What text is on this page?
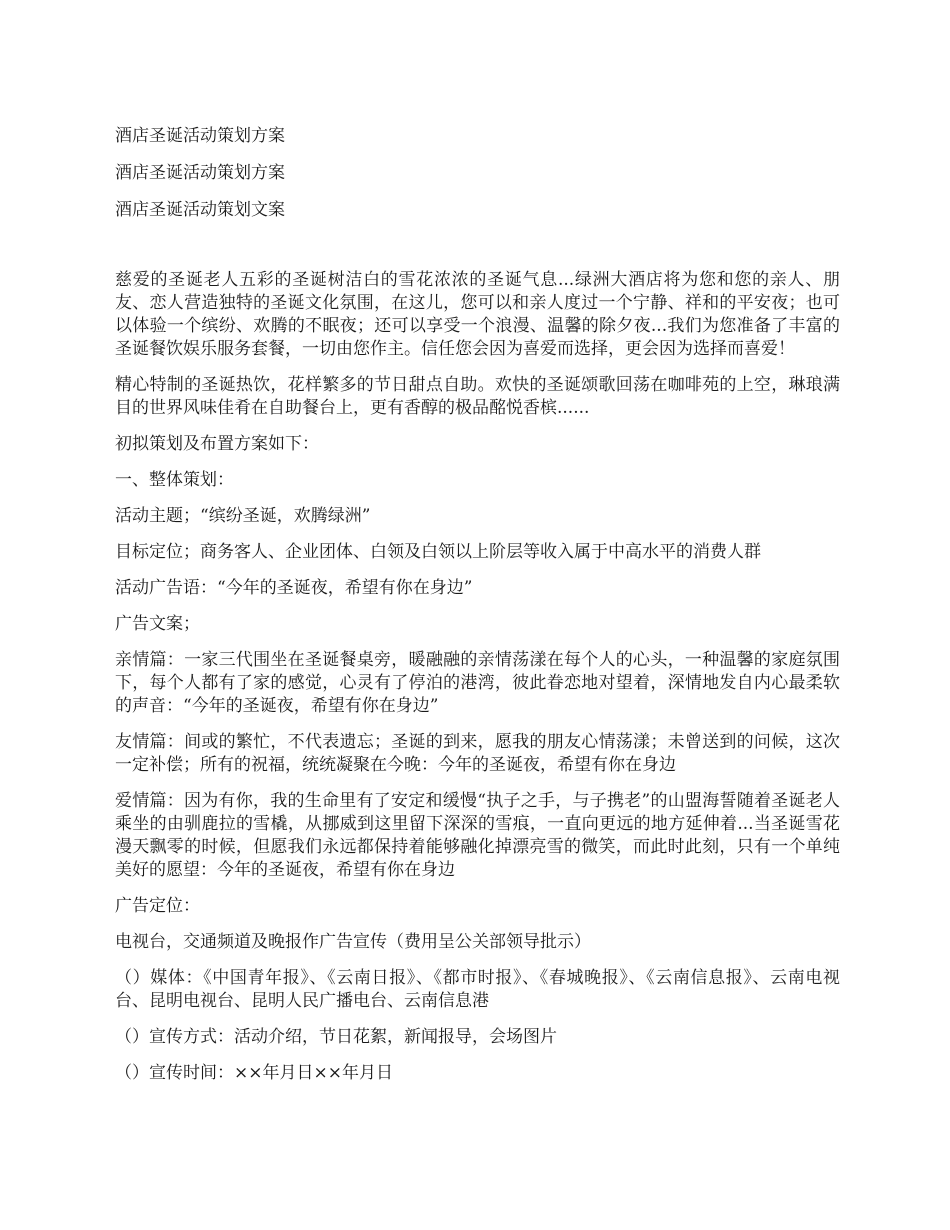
酒店圣诞活动策划方案
酒店圣诞活动策划方案
酒店圣诞活动策划文案

慈爱的圣诞老人五彩的圣诞树洁白的雪花浓浓的圣诞气息...绿洲大酒店将为您和您的亲人、朋友、恋人营造独特的圣诞文化氛围，在这儿，您可以和亲人度过一个宁静、祥和的平安夜；也可以体验一个缤纷、欢腾的不眠夜；还可以享受一个浪漫、温馨的除夕夜...我们为您准备了丰富的圣诞餐饮娱乐服务套餐，一切由您作主。信任您会因为喜爱而选择，更会因为选择而喜爱！

精心特制的圣诞热饮，花样繁多的节日甜点自助。欢快的圣诞颂歌回荡在咖啡苑的上空，琳琅满目的世界风味佳肴在自助餐台上，更有香醇的极品酩悦香槟......

初拟策划及布置方案如下：

一、整体策划：

活动主题；“缤纷圣诞，欢腾绿洲”

目标定位；商务客人、企业团体、白领及白领以上阶层等收入属于中高水平的消费人群

活动广告语：“今年的圣诞夜，希望有你在身边”

广告文案；

亲情篇：一家三代围坐在圣诞餐桌旁，暖融融的亲情荡漾在每个人的心头，一种温馨的家庭氛围下，每个人都有了家的感觉，心灵有了停泊的港湾，彼此眷恋地对望着，深情地发自内心最柔软的声音：“今年的圣诞夜，希望有你在身边”

友情篇：间或的繁忙，不代表遗忘；圣诞的到来，愿我的朋友心情荡漾；未曾送到的问候，这次一定补偿；所有的祝福，统统凝聚在今晚：今年的圣诞夜，希望有你在身边

爱情篇：因为有你，我的生命里有了安定和缓慢“执子之手，与子携老”的山盟海誓随着圣诞老人乘坐的由驯鹿拉的雪橇，从挪威到这里留下深深的雪痕，一直向更远的地方延伸着...当圣诞雪花漫天飘零的时候，但愿我们永远都保持着能够融化掉漂亮雪的微笑，而此时此刻，只有一个单纯美好的愿望：今年的圣诞夜，希望有你在身边

广告定位：

电视台，交通频道及晚报作广告宣传（费用呈公关部领导批示）

（）媒体：《中国青年报》、《云南日报》、《都市时报》、《春城晚报》、《云南信息报》、云南电视台、昆明电视台、昆明人民广播电台、云南信息港

（）宣传方式：活动介绍，节日花絮，新闻报导，会场图片

（）宣传时间：××年月日××年月日
